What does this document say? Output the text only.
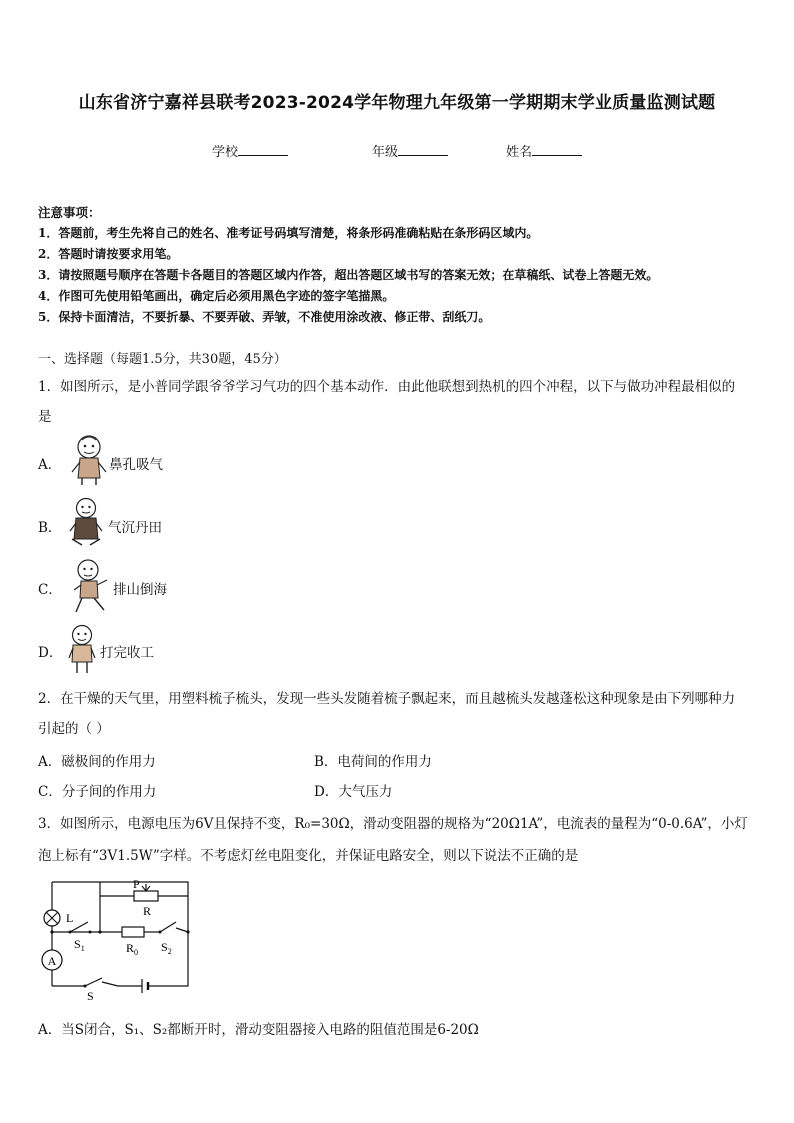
山东省济宁嘉祥县联考2023-2024学年物理九年级第一学期期末学业质量监测试题
学校	年级	姓名
注意事项：
1．答题前，考生先将自己的姓名、准考证号码填写清楚，将条形码准确粘贴在条形码区域内。
2．答题时请按要求用笔。
3．请按照题号顺序在答题卡各题目的答题区域内作答，超出答题区域书写的答案无效；在草稿纸、试卷上答题无效。
4．作图可先使用铅笔画出，确定后必须用黑色字迹的签字笔描黑。
5．保持卡面清洁，不要折暴、不要弄破、弄皱，不准使用涂改液、修正带、刮纸刀。
一、选择题（每题1.5分，共30题，45分）
1．如图所示，是小普同学跟爷爷学习气功的四个基本动作．由此他联想到热机的四个冲程，以下与做功冲程最相似的
是
A．	鼻孔吸气
B．	气沉丹田
C．	排山倒海
D．	打完收工
2．在干燥的天气里，用塑料梳子梳头，发现一些头发随着梳子飘起来，而且越梳头发越蓬松这种现象是由下列哪种力
引起的（ ）
A．磁极间的作用力	B．电荷间的作用力
C．分子间的作用力	D．大气压力
3．如图所示，电源电压为6V且保持不变，R₀=30Ω，滑动变阻器的规格为“20Ω1A”，电流表的量程为“0-0.6A”，小灯
泡上标有“3V1.5W”字样。不考虑灯丝电阻变化，并保证电路安全，则以下说法不正确的是
A
P
R
$R_0$
$S_1$	$S_2$
S
L
A．当S闭合，S₁、S₂都断开时，滑动变阻器接入电路的阻值范围是6-20Ω
